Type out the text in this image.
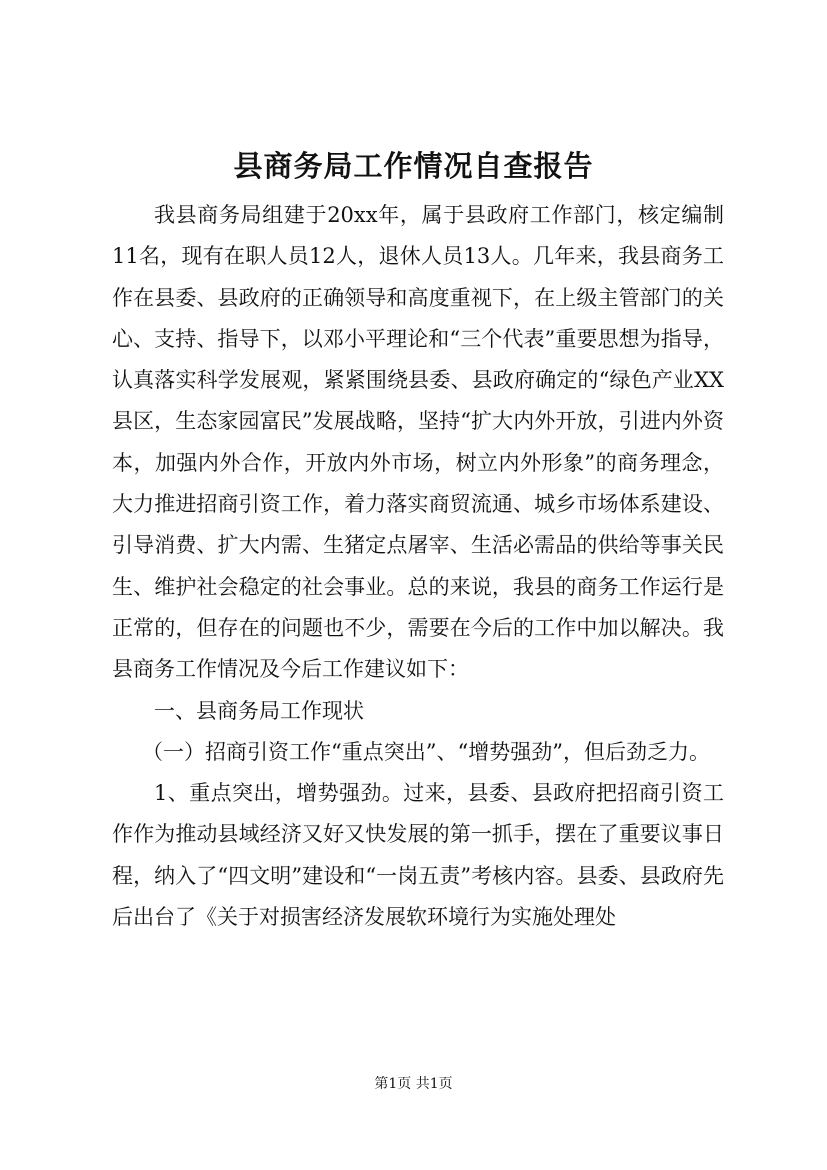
县商务局工作情况自查报告

我县商务局组建于20xx年，属于县政府工作部门，核定编制11名，现有在职人员12人，退休人员13人。几年来，我县商务工作在县委、县政府的正确领导和高度重视下，在上级主管部门的关心、支持、指导下，以邓小平理论和“三个代表”重要思想为指导，认真落实科学发展观，紧紧围绕县委、县政府确定的“绿色产业XX县区，生态家园富民”发展战略，坚持“扩大内外开放，引进内外资本，加强内外合作，开放内外市场，树立内外形象”的商务理念，大力推进招商引资工作，着力落实商贸流通、城乡市场体系建设、引导消费、扩大内需、生猪定点屠宰、生活必需品的供给等事关民生、维护社会稳定的社会事业。总的来说，我县的商务工作运行是正常的，但存在的问题也不少，需要在今后的工作中加以解决。我县商务工作情况及今后工作建议如下：

一、县商务局工作现状

（一）招商引资工作“重点突出”、“增势强劲”，但后劲乏力。

1、重点突出，增势强劲。过来，县委、县政府把招商引资工作作为推动县域经济又好又快发展的第一抓手，摆在了重要议事日程，纳入了“四文明”建设和“一岗五责”考核内容。县委、县政府先后出台了《关于对损害经济发展软环境行为实施处理处

第1页 共1页
